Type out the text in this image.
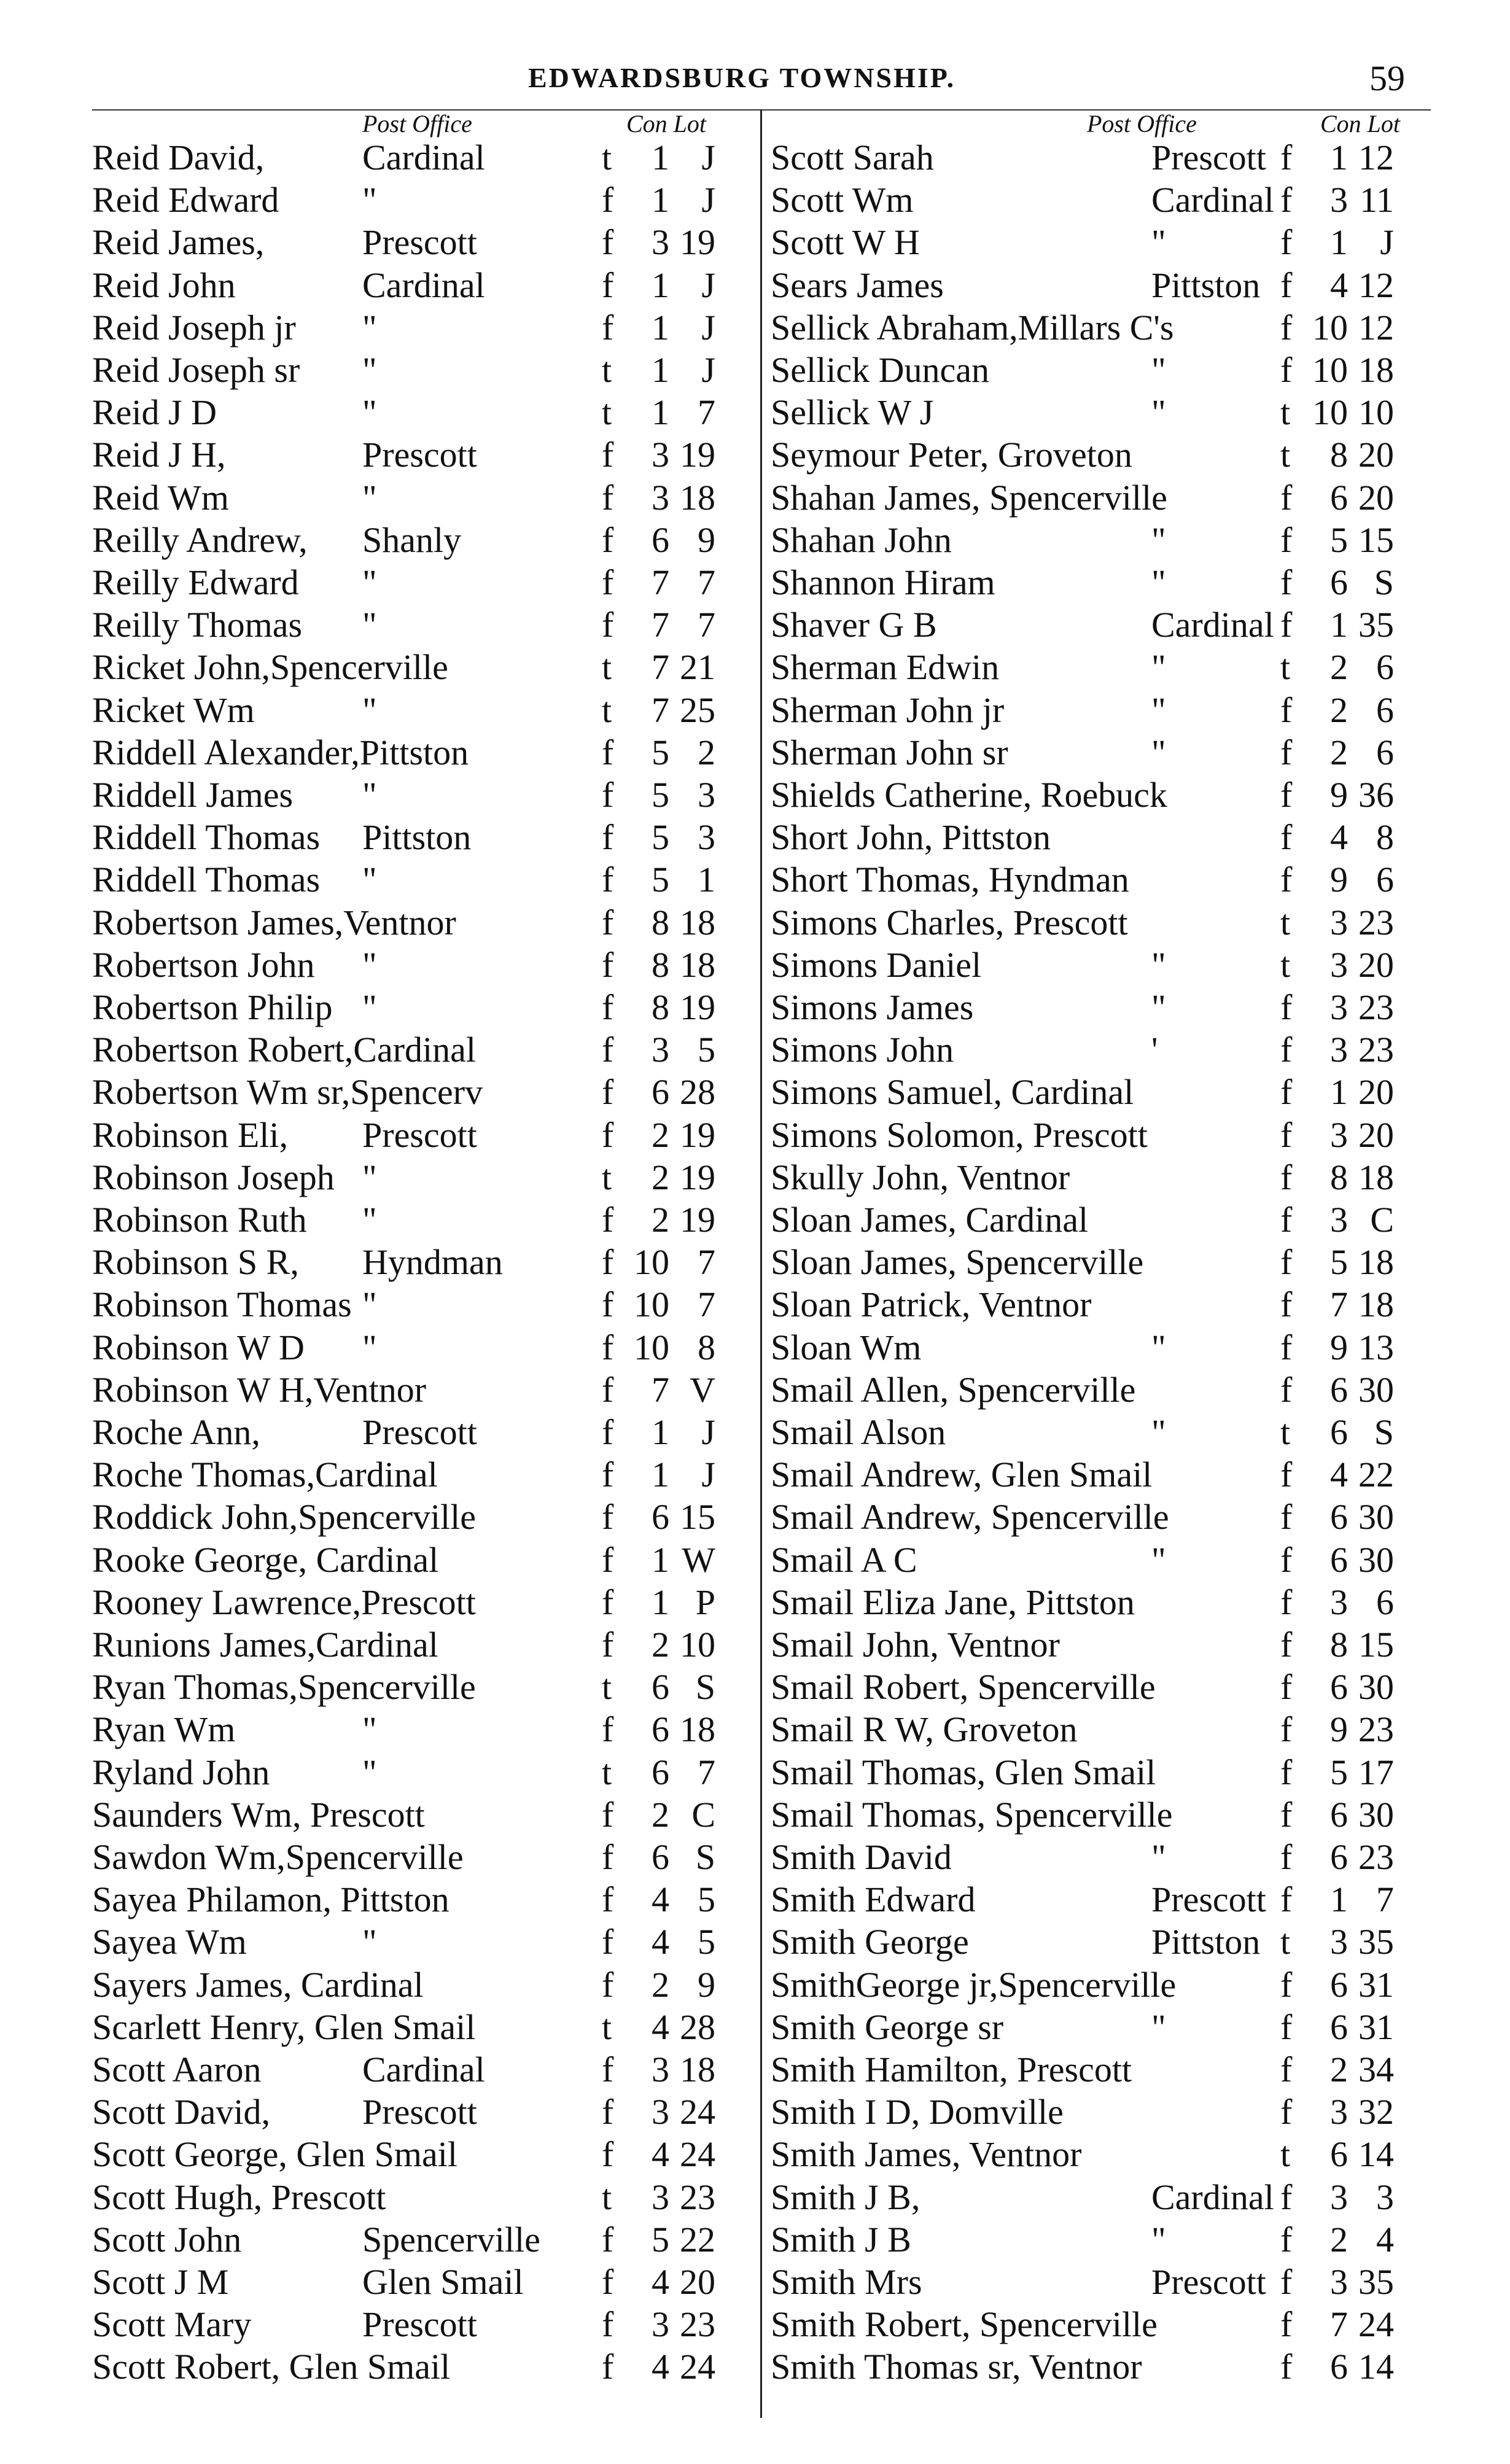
EDWARDSBURG TOWNSHIP.	59
Post Office	Con Lot	Post Office	Con Lot
Reid David,	Cardinal	t	1 J
Reid Edward "	f	1 J
Reid James,	Prescott	f	3 19
Reid John	Cardinal	f	1 J
Reid Joseph jr "	f	1 J
Reid Joseph sr "	t	1 J
Reid J D	"	t	1 7
Reid J H,	Prescott	f	3 19
Reid Wm	"	f	3 18
Reilly Andrew, Shanly	f	6 9
Reilly Edward "	f	7 7
Reilly Thomas "	f	7 7
Ricket John,Spencerville	t	7 21
Ricket Wm	"	t	7 25
Riddell Alexander,Pittston	f	5 2
Riddell James "	f	5 3
Riddell Thomas Pittston	f	5 3
Riddell Thomas "	f	5 1
Robertson James,Ventnor	f	8 18
Robertson John "	f	8 18
Robertson Philip "	f	8 19
Robertson Robert,Cardinal	f	3 5
Robertson Wm sr,Spencerv	f	6 28
Robinson Eli, Prescott	f	2 19
Robinson Joseph "	t	2 19
Robinson Ruth "	f	2 19
Robinson S R, Hyndman	f 10 7
Robinson Thomas "	f 10 7
Robinson W D "	f 10 8
Robinson W H,Ventnor	f	7 V
Roche Ann,	Prescott	f	1 J
Roche Thomas,Cardinal	f	1 J
Roddick John,Spencerville	f	6 15
Rooke George, Cardinal	f	1 W
Rooney Lawrence,Prescott	f	1 P
Runions James,Cardinal	f	2 10
Ryan Thomas,Spencerville	t	6 S
Ryan Wm	"	f	6 18
Ryland John	"	t	6 7
Saunders Wm, Prescott	f	2 C
Sawdon Wm,Spencerville	f	6 S
Sayea Philamon, Pittston	f	4 5
Sayea Wm	"	f	4 5
Sayers James, Cardinal	f	2 9
Scarlett Henry, Glen Smail	t	4 28
Scott Aaron	Cardinal	f	3 18
Scott David,	Prescott	f	3 24
Scott George, Glen Smail	f	4 24
Scott Hugh, Prescott	t	3 23
Scott John	Spencerville f	5 22
Scott J M	Glen Smail f	4 20
Scott Mary	Prescott	f	3 23
Scott Robert, Glen Smail	f	4 24
Scott Sarah	Prescott f	1 12
Scott Wm	Cardinal f	3 11
Scott W H	"	f	1 J
Sears James	Pittston f	4 12
Sellick Abraham,Millars C's	f 10 12
Sellick Duncan	"	f 10 18
Sellick W J	"	t 10 10
Seymour Peter, Groveton	t	8 20
Shahan James, Spencerville	f	6 20
Shahan John	"	f	5 15
Shannon Hiram	"	f	6 S
Shaver G B	Cardinal f	1 35
Sherman Edwin	"	t	2 6
Sherman John jr	"	f	2 6
Sherman John sr	"	f	2 6
Shields Catherine, Roebuck	f	9 36
Short John, Pittston	f	4 8
Short Thomas, Hyndman	f	9 6
Simons Charles, Prescott	t	3 23
Simons Daniel	"	t	3 20
Simons James	"	f	3 23
Simons John	'	f	3 23
Simons Samuel, Cardinal	f	1 20
Simons Solomon, Prescott	f	3 20
Skully John, Ventnor	f	8 18
Sloan James, Cardinal	f	3 C
Sloan James, Spencerville	f	5 18
Sloan Patrick, Ventnor	f	7 18
Sloan Wm	"	f	9 13
Smail Allen, Spencerville	f	6 30
Smail Alson	"	t	6 S
Smail Andrew, Glen Smail	f	4 22
Smail Andrew, Spencerville	f	6 30
Smail A C	"	f	6 30
Smail Eliza Jane, Pittston	f	3 6
Smail John, Ventnor	f	8 15
Smail Robert, Spencerville	f	6 30
Smail R W, Groveton	f	9 23
Smail Thomas, Glen Smail	f	5 17
Smail Thomas, Spencerville	f	6 30
Smith David	"	f	6 23
Smith Edward	Prescott f	1 7
Smith George	Pittston t	3 35
SmithGeorge jr,Spencerville	f	6 31
Smith George sr	"	f	6 31
Smith Hamilton, Prescott	f	2 34
Smith I D, Domville	f	3 32
Smith James, Ventnor	t	6 14
Smith J B,	Cardinal f	3 3
Smith J B	"	f	2 4
Smith Mrs	Prescott f	3 35
Smith Robert, Spencerville	f	7 24
Smith Thomas sr, Ventnor	f	6 14
